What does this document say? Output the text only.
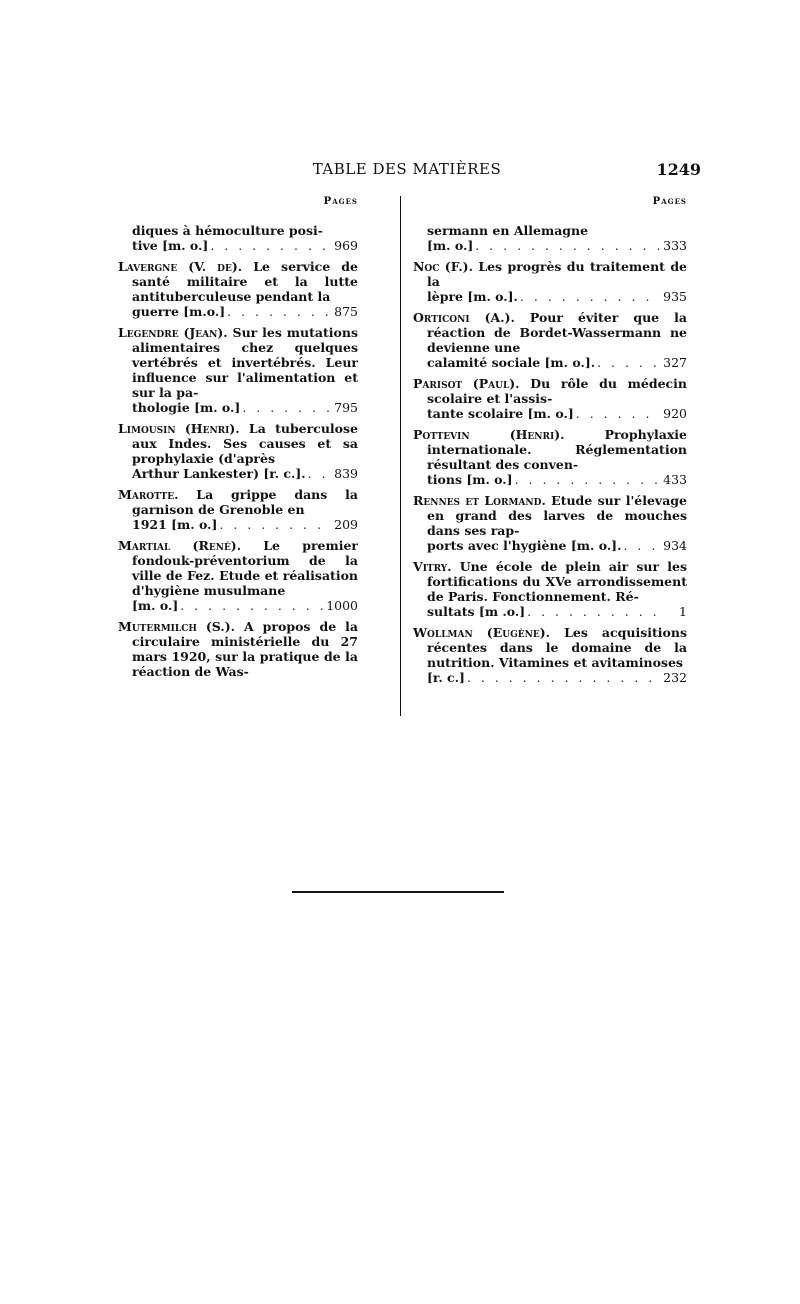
TABLE DES MATIÈRES	1249
Pages
diques à hémoculture posi-
tive [m. o.] . . .	969
Lavergne (V. de). Le service de santé militaire et la lutte antituberculeuse pendant la
guerre [m.o.] . . .	875
Legendre (Jean). Sur les mutations alimentaires chez quelques vertébrés et invertébrés. Leur influence sur l'alimentation et sur la pa-
thologie [m. o.] . . .	795
Limousin (Henri). La tuberculose aux Indes. Ses causes et sa prophylaxie (d'après
Arthur Lankester) [r. c.]. . . . 839
Marotte. La grippe dans la garnison de Grenoble en
1921 [m. o.] . . .	209
Martial (René). Le premier fondouk-préventorium de la ville de Fez. Etude et réalisation d'hygiène musulmane
[m. o.] . . .	1000
Mutermilch (S.). A propos de la circulaire ministérielle du 27 mars 1920, sur la pratique de la réaction de Was-
Pages
sermann en Allemagne
[m. o.] . . .	333
Noc (F.). Les progrès du traitement de la
lèpre [m. o.]. . . .	935
Orticoni (A.). Pour éviter que la réaction de Bordet-Wassermann ne devienne une
calamité sociale [m. o.]. . . .	327
Parisot (Paul). Du rôle du médecin scolaire et l'assis-
tante scolaire [m. o.] . . .	920
Pottevin (Henri). Prophylaxie internationale. Réglementation résultant des conven-
tions [m. o.] . . .	433
Rennes et Lormand. Etude sur l'élevage en grand des larves de mouches dans ses rap-
ports avec l'hygiène [m. o.]. . . .	934
Vitry. Une école de plein air sur les fortifications du XVe arrondissement de Paris. Fonctionnement. Ré-
sultats [m .o.] . . .	1
Wollman (Eugène). Les acquisitions récentes dans le domaine de la nutrition. Vitamines et avitaminoses
[r. c.] . . .	232
